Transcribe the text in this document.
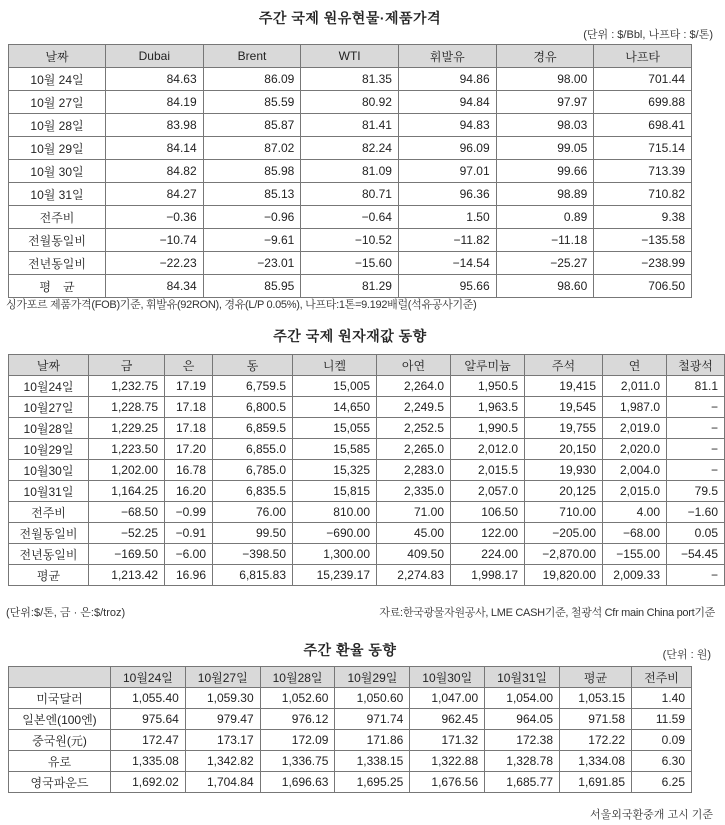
주간 국제 원유현물·제품가격
(단위 : $/Bbl, 나프타 : $/톤)
날짜	Dubai	Brent	WTI	휘발유	경유	나프타
10월 24일	84.63	86.09	81.35	94.86	98.00	701.44
10월 27일	84.19	85.59	80.92	94.84	97.97	699.88
10월 28일	83.98	85.87	81.41	94.83	98.03	698.41
10월 29일	84.14	87.02	82.24	96.09	99.05	715.14
10월 30일	84.82	85.98	81.09	97.01	99.66	713.39
10월 31일	84.27	85.13	80.71	96.36	98.89	710.82
전주비	−0.36	−0.96	−0.64	1.50	0.89	9.38
전월동일비	−10.74	−9.61	−10.52	−11.82	−11.18	−135.58
전년동일비	−22.23	−23.01	−15.60	−14.54	−25.27	−238.99
평　균	84.34	85.95	81.29	95.66	98.60	706.50
싱가포르 제품가격(FOB)기준, 휘발유(92RON), 경유(L/P 0.05%), 나프타:1톤=9.192배럴(석유공사기준)
주간 국제 원자재값 동향
날짜	금	은	동	니켈	아연	알루미늄	주석	연	철광석
10월24일	1,232.75	17.19	6,759.5	15,005	2,264.0	1,950.5	19,415	2,011.0	81.1
10월27일	1,228.75	17.18	6,800.5	14,650	2,249.5	1,963.5	19,545	1,987.0	−
10월28일	1,229.25	17.18	6,859.5	15,055	2,252.5	1,990.5	19,755	2,019.0	−
10월29일	1,223.50	17.20	6,855.0	15,585	2,265.0	2,012.0	20,150	2,020.0	−
10월30일	1,202.00	16.78	6,785.0	15,325	2,283.0	2,015.5	19,930	2,004.0	−
10월31일	1,164.25	16.20	6,835.5	15,815	2,335.0	2,057.0	20,125	2,015.0	79.5
전주비	−68.50	−0.99	76.00	810.00	71.00	106.50	710.00	4.00	−1.60
전월동일비	−52.25	−0.91	99.50	−690.00	45.00	122.00	−205.00	−68.00	0.05
전년동일비	−169.50	−6.00	−398.50	1,300.00	409.50	224.00	−2,870.00	−155.00	−54.45
평균	1,213.42	16.96	6,815.83	15,239.17	2,274.83	1,998.17	19,820.00	2,009.33	−
(단위:$/톤, 금 · 은:$/troz)	자료:한국광물자원공사, LME CASH기준, 철광석 Cfr main China port기준
주간 환율 동향	(단위 : 원)
	10월24일	10월27일	10월28일	10월29일	10월30일	10월31일	평균	전주비
미국달러	1,055.40	1,059.30	1,052.60	1,050.60	1,047.00	1,054.00	1,053.15	1.40
일본엔(100엔)	975.64	979.47	976.12	971.74	962.45	964.05	971.58	11.59
중국원(元)	172.47	173.17	172.09	171.86	171.32	172.38	172.22	0.09
유로	1,335.08	1,342.82	1,336.75	1,338.15	1,322.88	1,328.78	1,334.08	6.30
영국파운드	1,692.02	1,704.84	1,696.63	1,695.25	1,676.56	1,685.77	1,691.85	6.25
서울외국환중개 고시 기준
